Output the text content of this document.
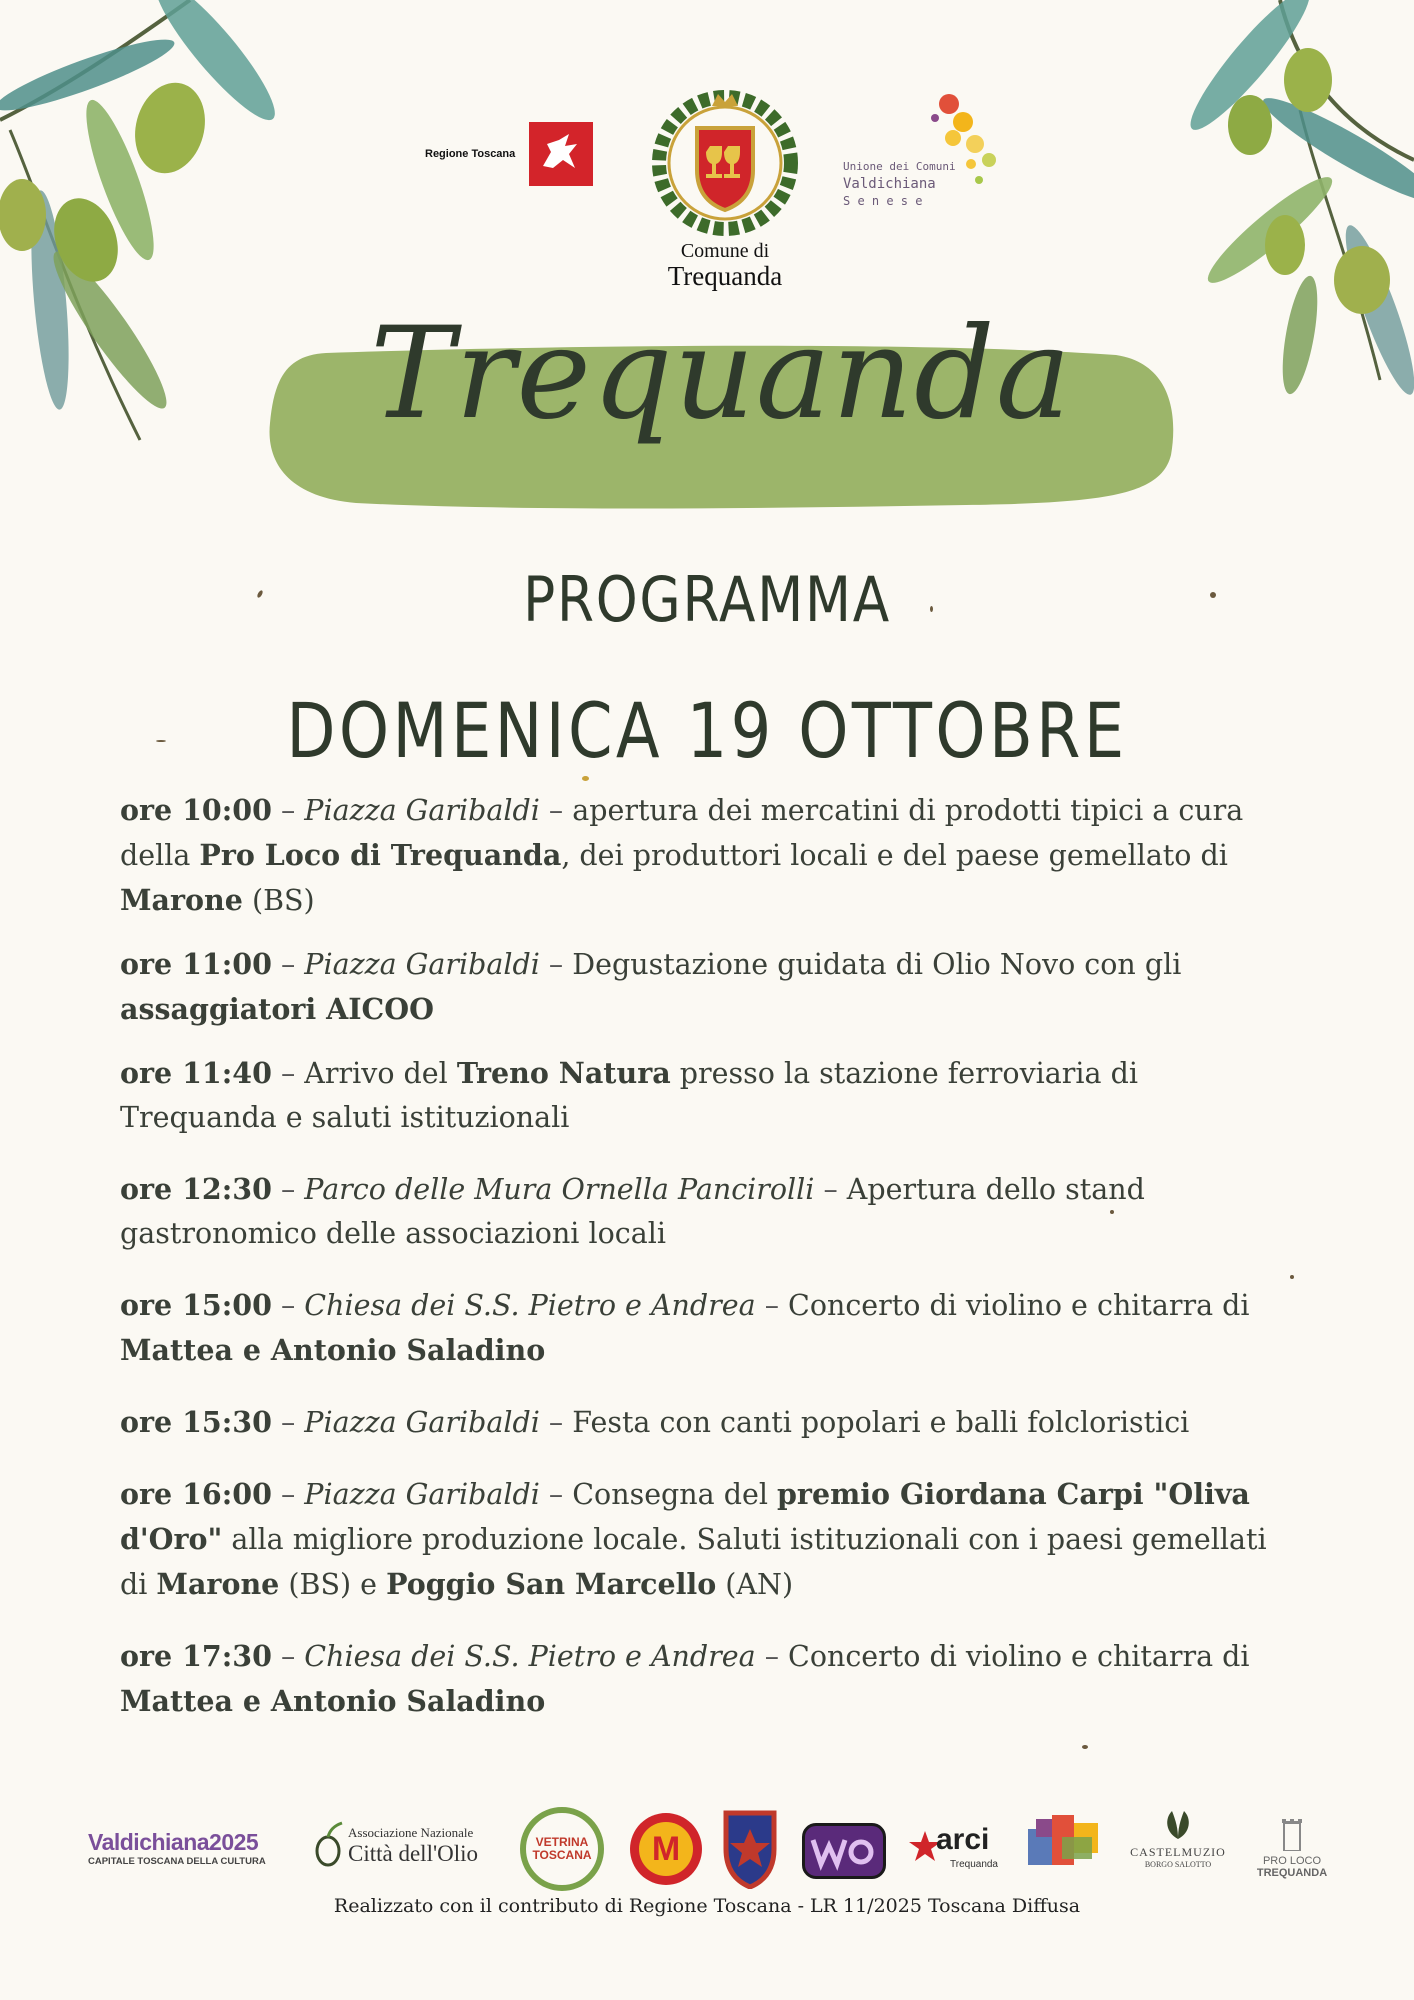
Regione Toscana
Comune di
Trequanda
Unione dei Comuni
Valdichiana
S e n e s e
Trequanda
PROGRAMMA
DOMENICA 19 OTTOBRE
ore 10:00 – Piazza Garibaldi – apertura dei mercatini di prodotti tipici a cura della Pro Loco di Trequanda, dei produttori locali e del paese gemellato di Marone (BS)
ore 11:00 – Piazza Garibaldi – Degustazione guidata di Olio Novo con gli assaggiatori AICOO
ore 11:40 – Arrivo del Treno Natura presso la stazione ferroviaria di Trequanda e saluti istituzionali
ore 12:30 – Parco delle Mura Ornella Pancirolli – Apertura dello stand gastronomico delle associazioni locali
ore 15:00 – Chiesa dei S.S. Pietro e Andrea – Concerto di violino e chitarra di Mattea e Antonio Saladino
ore 15:30 – Piazza Garibaldi – Festa con canti popolari e balli folcloristici
ore 16:00 – Piazza Garibaldi – Consegna del premio Giordana Carpi "Oliva d'Oro" alla migliore produzione locale. Saluti istituzionali con i paesi gemellati di Marone (BS) e Poggio San Marcello (AN)
ore 17:30 – Chiesa dei S.S. Pietro e Andrea – Concerto di violino e chitarra di Mattea e Antonio Saladino
Valdichiana2025
CAPITALE TOSCANA DELLA CULTURA
Associazione Nazionale
Città dell'Olio	VETRINA TOSCANA	M	arci
Trequanda
CASTELMUZIO
BORGO SALOTTO	PRO LOCO
TREQUANDA
Realizzato con il contributo di Regione Toscana - LR 11/2025 Toscana Diffusa
